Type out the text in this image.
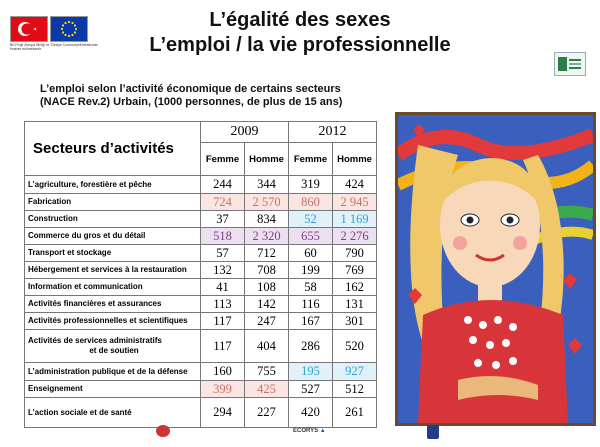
Bu Proje Avrupa Birliği ve Türkiye Cumhuriyeti tarafından finanse edilmektedir
L’égalité des sexes
L’emploi / la vie professionnelle
L’emploi selon l’activité économique de certains secteurs
(NACE Rev.2) Urbain, (1000 personnes, de plus de 15 ans)
Secteurs d’activités	2009		2012	
	Femme	Homme	Femme	Homme
L’agriculture, forestière et pêche	244	344	319	424
Fabrication	724	2 570	860	2 945
Construction	37	834	52	1 169
Commerce du gros et du détail	518	2 320	655	2 276
Transport et stockage	57	712	60	790
Hébergement et services à la restauration	132	708	199	769
Information et communication	41	108	58	162
Activités financières et assurances	113	142	116	131
Activités professionnelles et scientifiques	117	247	167	301

Activités de services administratifs
et de soutien	117	404	286	520
L’administration publique et de la défense	160	755	195	927
Enseignement	399	425	527	512
L’action sociale et de santé	294	227	420	261
ECORYS ▲
